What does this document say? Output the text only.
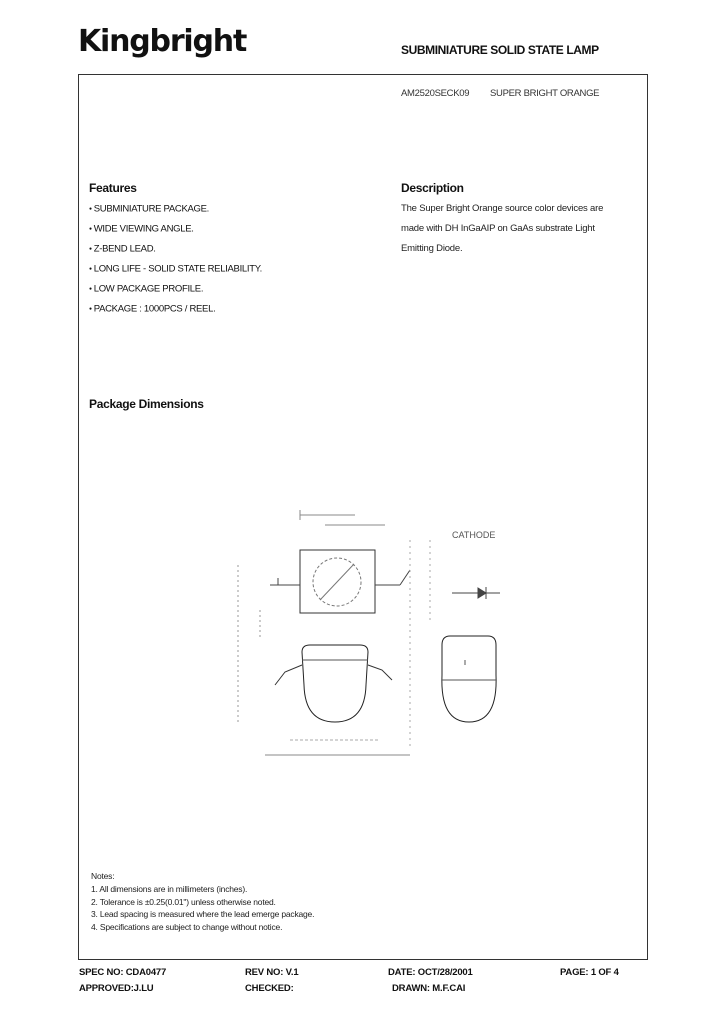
Kingbright	SUBMINIATURE SOLID STATE LAMP
AM2520SECK09 SUPER BRIGHT ORANGE
Features
● SUBMINIATURE PACKAGE.
● WIDE VIEWING ANGLE.
● Z-BEND LEAD.
● LONG LIFE - SOLID STATE RELIABILITY.
● LOW PACKAGE PROFILE.
● PACKAGE : 1000PCS / REEL.
Description
The Super Bright Orange source color devices are
made with DH InGaAIP on GaAs substrate Light
Emitting Diode.
Package Dimensions
CATHODE
Notes:
1. All dimensions are in millimeters (inches).
2. Tolerance is ±0.25(0.01") unless otherwise noted.
3. Lead spacing is measured where the lead emerge package.
4. Specifications are subject to change without notice.
SPEC NO: CDA0477	REV NO: V.1	DATE: OCT/28/2001	PAGE: 1 OF 4
APPROVED:J.LU	CHECKED:	DRAWN: M.F.CAI
